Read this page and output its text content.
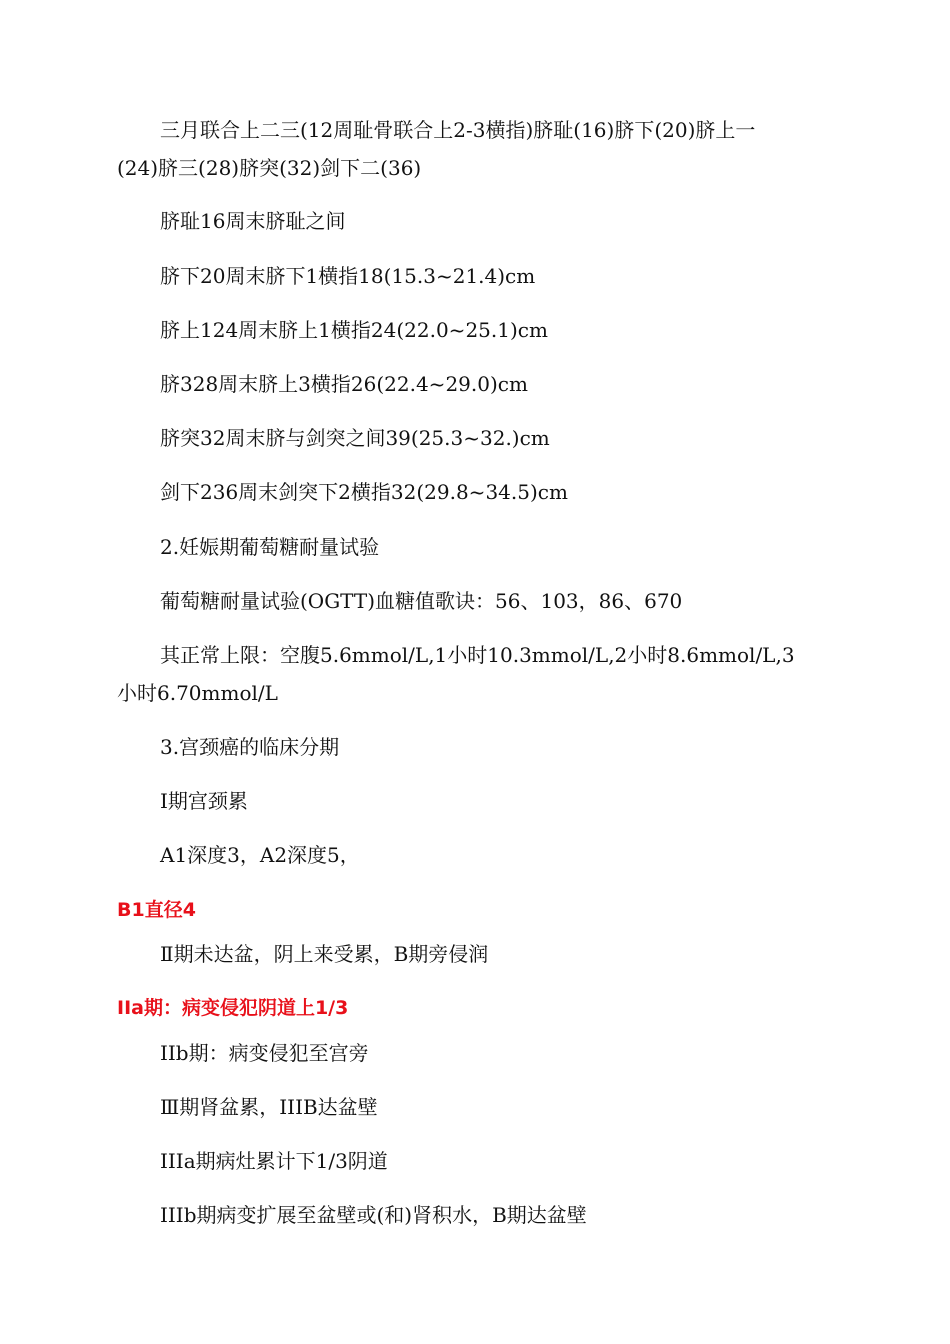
三月联合上二三(12周耻骨联合上2-3横指)脐耻(16)脐下(20)脐上一

(24)脐三(28)脐突(32)剑下二(36)

脐耻16周末脐耻之间

脐下20周末脐下1横指18(15.3~21.4)cm

脐上124周末脐上1横指24(22.0~25.1)cm

脐328周末脐上3横指26(22.4~29.0)cm

脐突32周末脐与剑突之间39(25.3~32.)cm

剑下236周末剑突下2横指32(29.8~34.5)cm

2.妊娠期葡萄糖耐量试验

葡萄糖耐量试验(OGTT)血糖值歌诀：56、103，86、670

其正常上限：空腹5.6mmol/L,1小时10.3mmol/L,2小时8.6mmol/L,3

小时6.70mmol/L

3.宫颈癌的临床分期

I期宫颈累

A1深度3，A2深度5，

B1直径4

Ⅱ期未达盆，阴上来受累，B期旁侵润

IIa期：病变侵犯阴道上1/3

IIb期：病变侵犯至宫旁

Ⅲ期肾盆累，IIIB达盆壁

IIIa期病灶累计下1/3阴道

IIIb期病变扩展至盆壁或(和)肾积水，B期达盆壁
